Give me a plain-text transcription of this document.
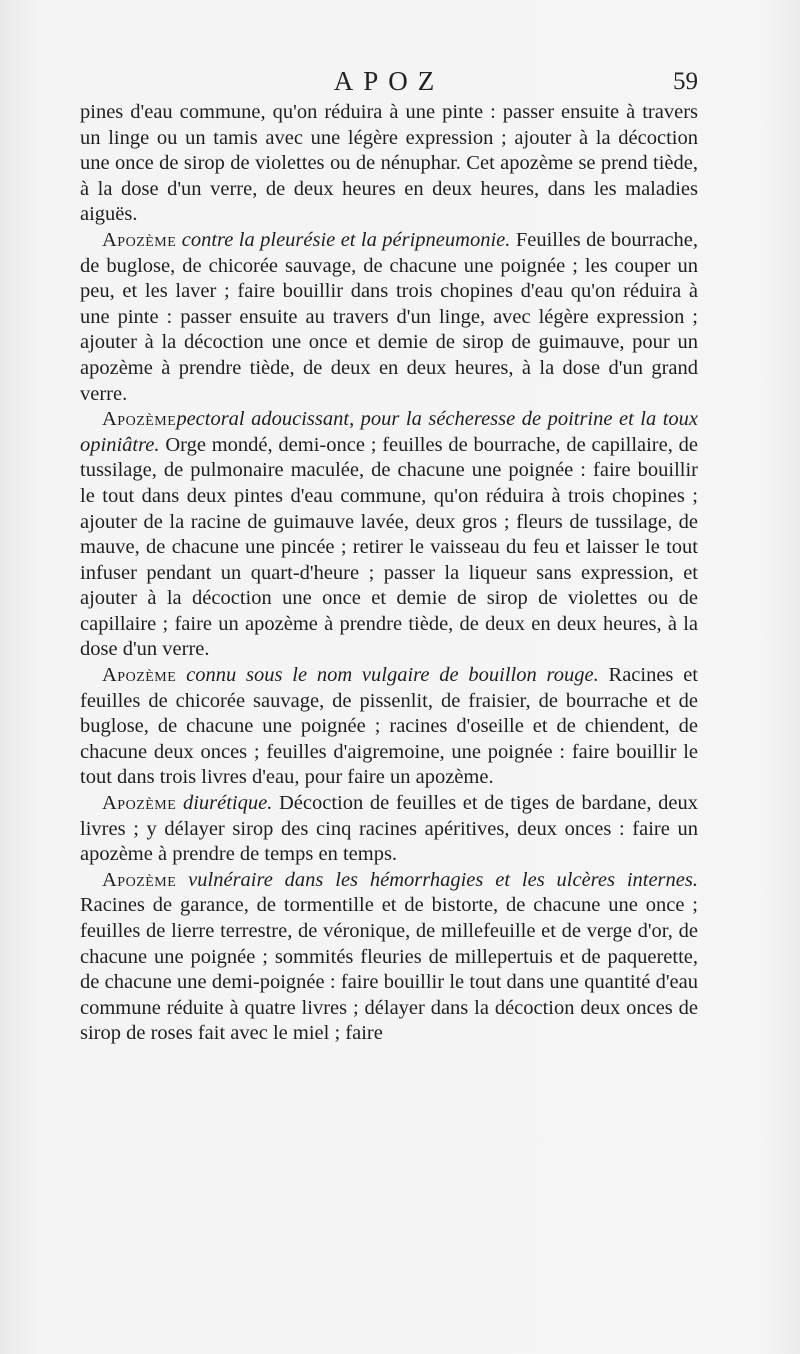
APOZ	59

pines d'eau commune, qu'on réduira à une pinte : passer ensuite à travers un linge ou un tamis avec une légère expression ; ajouter à la décoction une once de sirop de violettes ou de nénuphar. Cet apozème se prend tiède, à la dose d'un verre, de deux heures en deux heures, dans les maladies aiguës.

Apozème contre la pleurésie et la péripneumonie. Feuilles de bourrache, de buglose, de chicorée sauvage, de chacune une poignée ; les couper un peu, et les laver ; faire bouillir dans trois chopines d'eau qu'on réduira à une pinte : passer ensuite au travers d'un linge, avec légère expression ; ajouter à la décoction une once et demie de sirop de guimauve, pour un apozème à prendre tiède, de deux en deux heures, à la dose d'un grand verre.

Apozèmepectoral adoucissant, pour la sécheresse de poitrine et la toux opiniâtre. Orge mondé, demi-once ; feuilles de bourrache, de capillaire, de tussilage, de pulmonaire maculée, de chacune une poignée : faire bouillir le tout dans deux pintes d'eau commune, qu'on réduira à trois chopines ; ajouter de la racine de guimauve lavée, deux gros ; fleurs de tussilage, de mauve, de chacune une pincée ; retirer le vaisseau du feu et laisser le tout infuser pendant un quart-d'heure ; passer la liqueur sans expression, et ajouter à la décoction une once et demie de sirop de violettes ou de capillaire ; faire un apozème à prendre tiède, de deux en deux heures, à la dose d'un verre.

Apozème connu sous le nom vulgaire de bouillon rouge. Racines et feuilles de chicorée sauvage, de pissenlit, de fraisier, de bourrache et de buglose, de chacune une poignée ; racines d'oseille et de chiendent, de chacune deux onces ; feuilles d'aigremoine, une poignée : faire bouillir le tout dans trois livres d'eau, pour faire un apozème.

Apozème diurétique. Décoction de feuilles et de tiges de bardane, deux livres ; y délayer sirop des cinq racines apéritives, deux onces : faire un apozème à prendre de temps en temps.

Apozème vulnéraire dans les hémorrhagies et les ulcères internes. Racines de garance, de tormentille et de bistorte, de chacune une once ; feuilles de lierre terrestre, de véronique, de millefeuille et de verge d'or, de chacune une poignée ; sommités fleuries de millepertuis et de paquerette, de chacune une demi-poignée : faire bouillir le tout dans une quantité d'eau commune réduite à quatre livres ; délayer dans la décoction deux onces de sirop de roses fait avec le miel ; faire
